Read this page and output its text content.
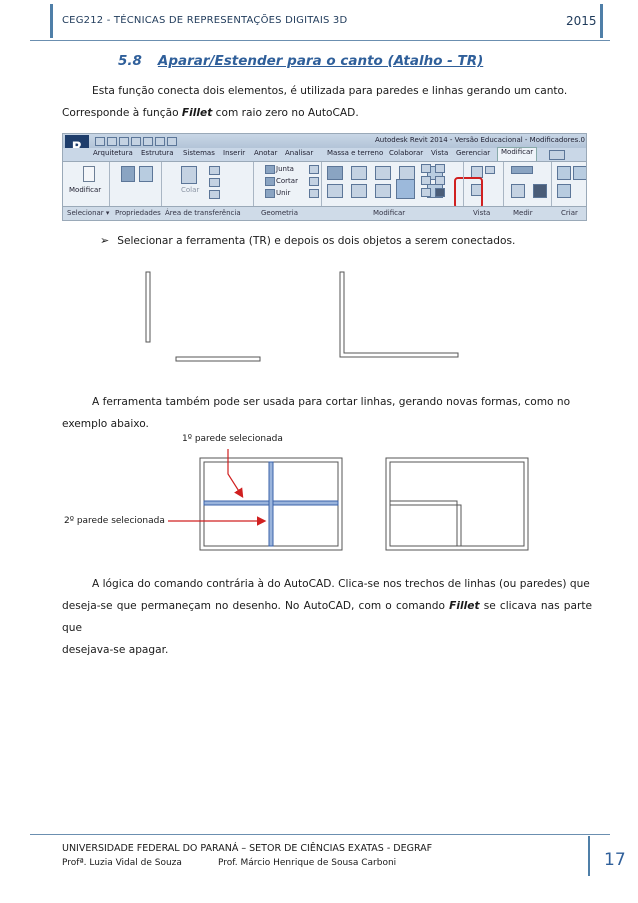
CEG212 - TÉCNICAS DE REPRESENTAÇÕES DIGITAIS 3D	2015
5.8 Aparar/Estender para o canto (Atalho - TR)
Esta função conecta dois elementos, é utilizada para paredes e linhas gerando um canto.
Corresponde à função Fillet com raio zero no AutoCAD.
Autodesk Revit 2014 - Versão Educacional - Modificadores.0
Arquitetura Estrutura Sistemas Inserir Anotar Analisar Massa e terreno Colaborar Vista Gerenciar	Modificar
Modificar	Colar
Junta
Cortar
Unir
Selecionar ▾ Propriedades Área de transferência	Geometria	Modificar	Vista	Medir	Criar
➢ Selecionar a ferramenta (TR) e depois os dois objetos a serem conectados.
A ferramenta também pode ser usada para cortar linhas, gerando novas formas, como no
exemplo abaixo.
1º parede selecionada
2º parede selecionada
A lógica do comando contrária à do AutoCAD. Clica-se nos trechos de linhas (ou paredes) que
deseja-se que permaneçam no desenho. No AutoCAD, com o comando Fillet se clicava nas parte que
desejava-se apagar.
UNIVERSIDADE FEDERAL DO PARANÁ – SETOR DE CIÊNCIAS EXATAS - DEGRAF
Profª. Luzia Vidal de Souza	Prof. Márcio Henrique de Sousa Carboni	17
